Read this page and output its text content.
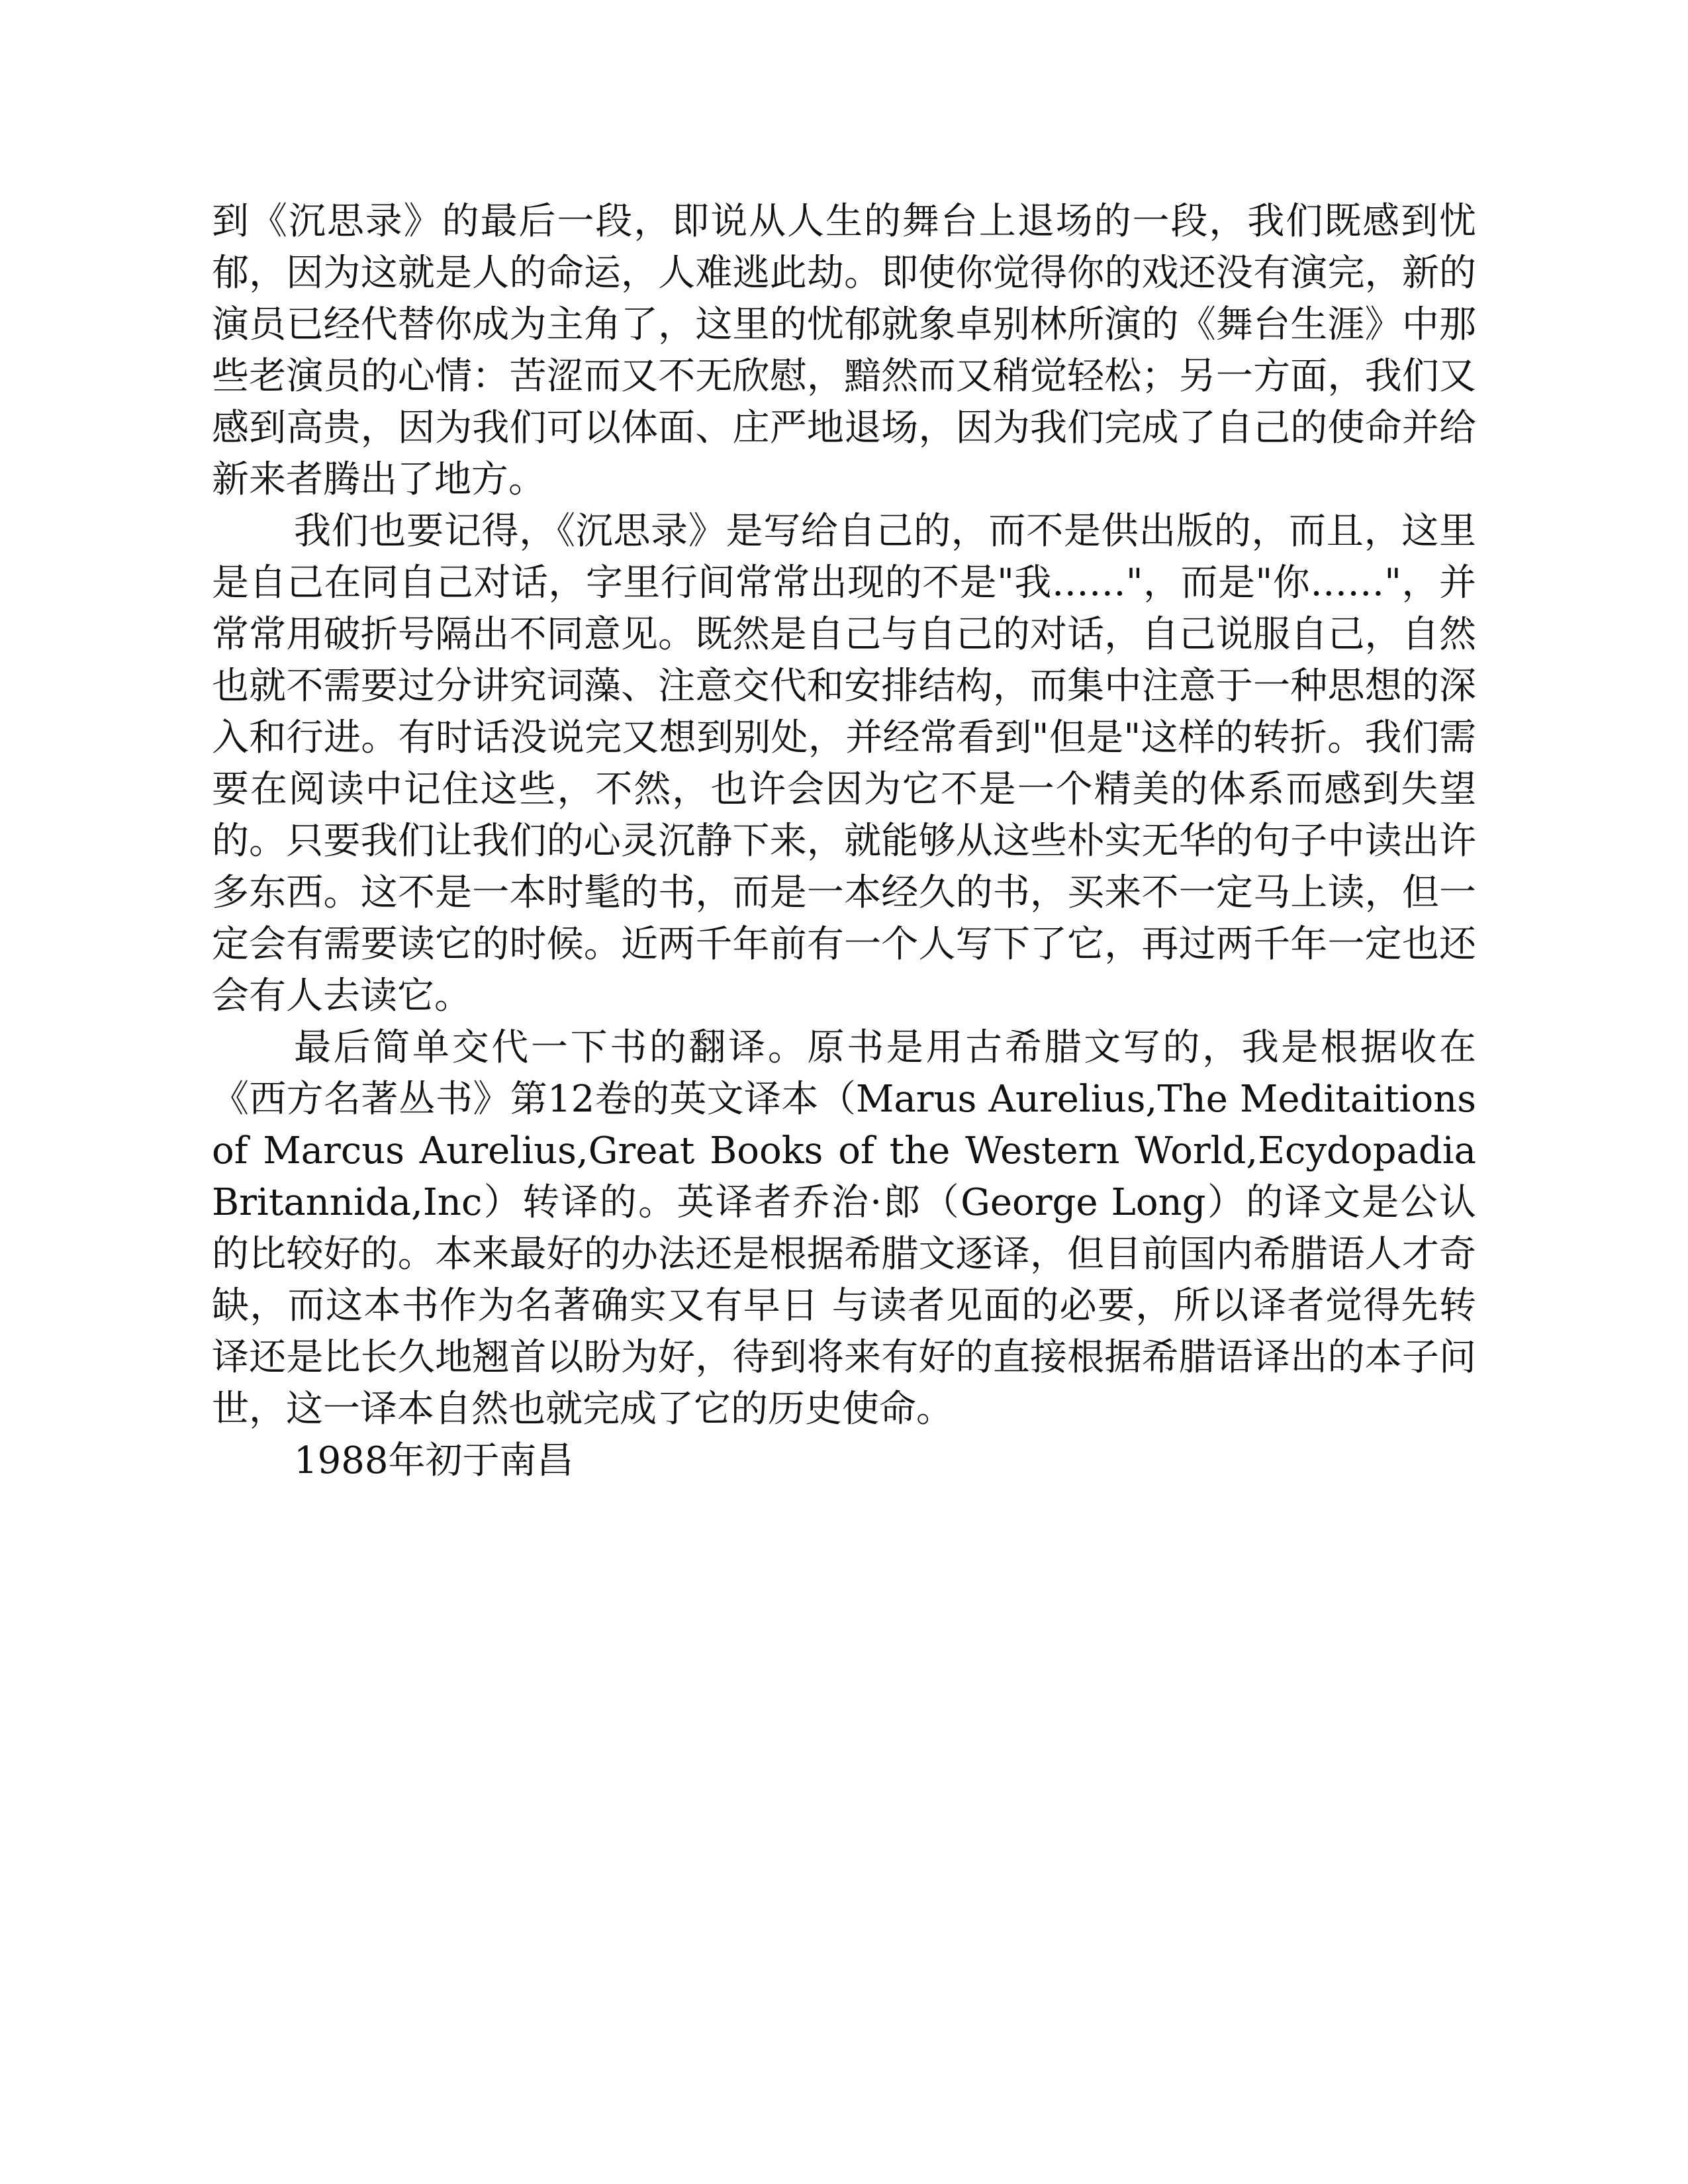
到《沉思录》的最后一段，即说从人生的舞台上退场的一段，我们既感到忧郁，因为这就是人的命运，人难逃此劫。即使你觉得你的戏还没有演完，新的演员已经代替你成为主角了，这里的忧郁就象卓别林所演的《舞台生涯》中那些老演员的心情：苦涩而又不无欣慰，黯然而又稍觉轻松；另一方面，我们又感到高贵，因为我们可以体面、庄严地退场，因为我们完成了自己的使命并给新来者腾出了地方。

我们也要记得，《沉思录》是写给自己的，而不是供出版的，而且，这里是自己在同自己对话，字里行间常常出现的不是"我……"，而是"你……"，并常常用破折号隔出不同意见。既然是自己与自己的对话，自己说服自己，自然也就不需要过分讲究词藻、注意交代和安排结构，而集中注意于一种思想的深入和行进。有时话没说完又想到别处，并经常看到"但是"这样的转折。我们需要在阅读中记住这些，不然，也许会因为它不是一个精美的体系而感到失望的。只要我们让我们的心灵沉静下来，就能够从这些朴实无华的句子中读出许多东西。这不是一本时髦的书，而是一本经久的书，买来不一定马上读，但一定会有需要读它的时候。近两千年前有一个人写下了它，再过两千年一定也还会有人去读它。

最后简单交代一下书的翻译。原书是用古希腊文写的，我是根据收在《西方名著丛书》第12卷的英文译本（Marus Aurelius,The Meditaitions of Marcus Aurelius,Great Books of the Western World,Ecydopadia Britannida,Inc）转译的。英译者乔治·郎（George Long）的译文是公认的比较好的。本来最好的办法还是根据希腊文逐译，但目前国内希腊语人才奇缺，而这本书作为名著确实又有早日 与读者见面的必要，所以译者觉得先转译还是比长久地翘首以盼为好，待到将来有好的直接根据希腊语译出的本子问世，这一译本自然也就完成了它的历史使命。

1988年初于南昌
